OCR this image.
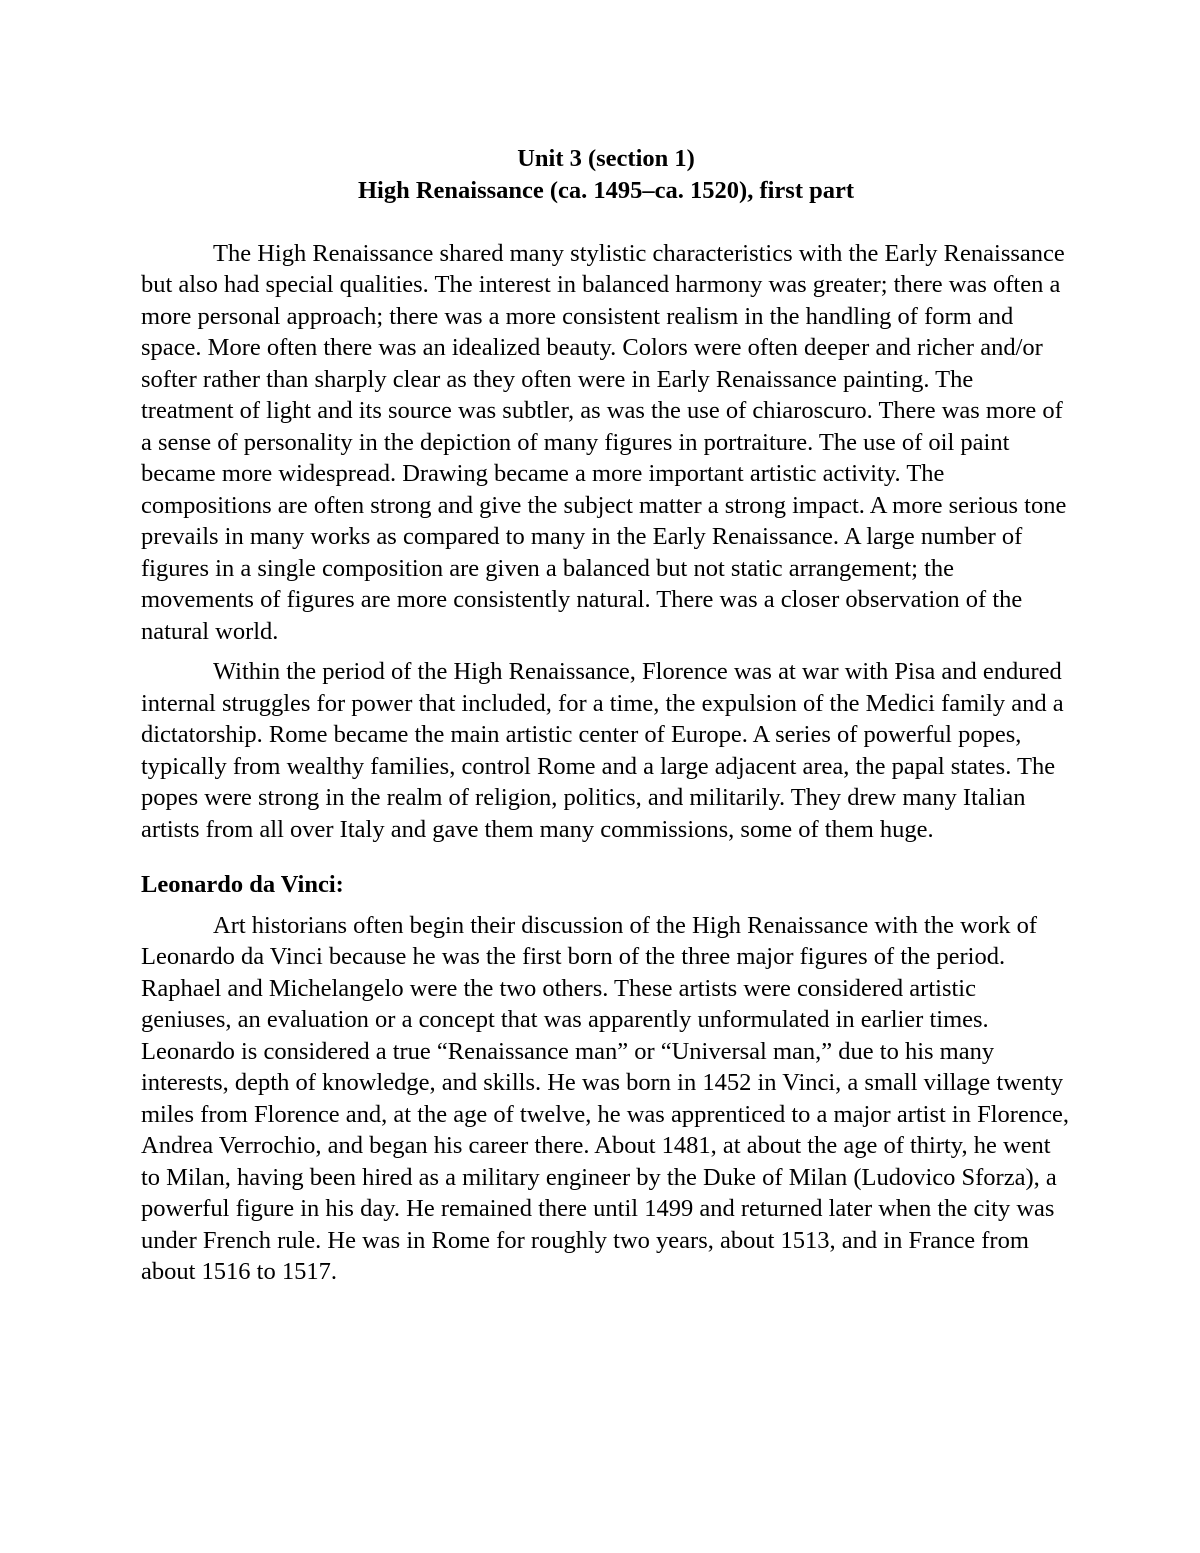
Unit 3 (section 1)

High Renaissance (ca. 1495–ca. 1520), first part

The High Renaissance shared many stylistic characteristics with the Early Renaissance but also had special qualities. The interest in balanced harmony was greater; there was often a more personal approach; there was a more consistent realism in the handling of form and space. More often there was an idealized beauty. Colors were often deeper and richer and/or softer rather than sharply clear as they often were in Early Renaissance painting. The treatment of light and its source was subtler, as was the use of chiaroscuro. There was more of a sense of personality in the depiction of many figures in portraiture. The use of oil paint became more widespread. Drawing became a more important artistic activity. The compositions are often strong and give the subject matter a strong impact. A more serious tone prevails in many works as compared to many in the Early Renaissance. A large number of figures in a single composition are given a balanced but not static arrangement; the movements of figures are more consistently natural. There was a closer observation of the natural world.

Within the period of the High Renaissance, Florence was at war with Pisa and endured internal struggles for power that included, for a time, the expulsion of the Medici family and a dictatorship. Rome became the main artistic center of Europe. A series of powerful popes, typically from wealthy families, control Rome and a large adjacent area, the papal states. The popes were strong in the realm of religion, politics, and militarily. They drew many Italian artists from all over Italy and gave them many commissions, some of them huge.

Leonardo da Vinci:

Art historians often begin their discussion of the High Renaissance with the work of Leonardo da Vinci because he was the first born of the three major figures of the period. Raphael and Michelangelo were the two others. These artists were considered artistic geniuses, an evaluation or a concept that was apparently unformulated in earlier times. Leonardo is considered a true “Renaissance man” or “Universal man,” due to his many interests, depth of knowledge, and skills. He was born in 1452 in Vinci, a small village twenty miles from Florence and, at the age of twelve, he was apprenticed to a major artist in Florence, Andrea Verrochio, and began his career there. About 1481, at about the age of thirty, he went to Milan, having been hired as a military engineer by the Duke of Milan (Ludovico Sforza), a powerful figure in his day. He remained there until 1499 and returned later when the city was under French rule. He was in Rome for roughly two years, about 1513, and in France from about 1516 to 1517.
